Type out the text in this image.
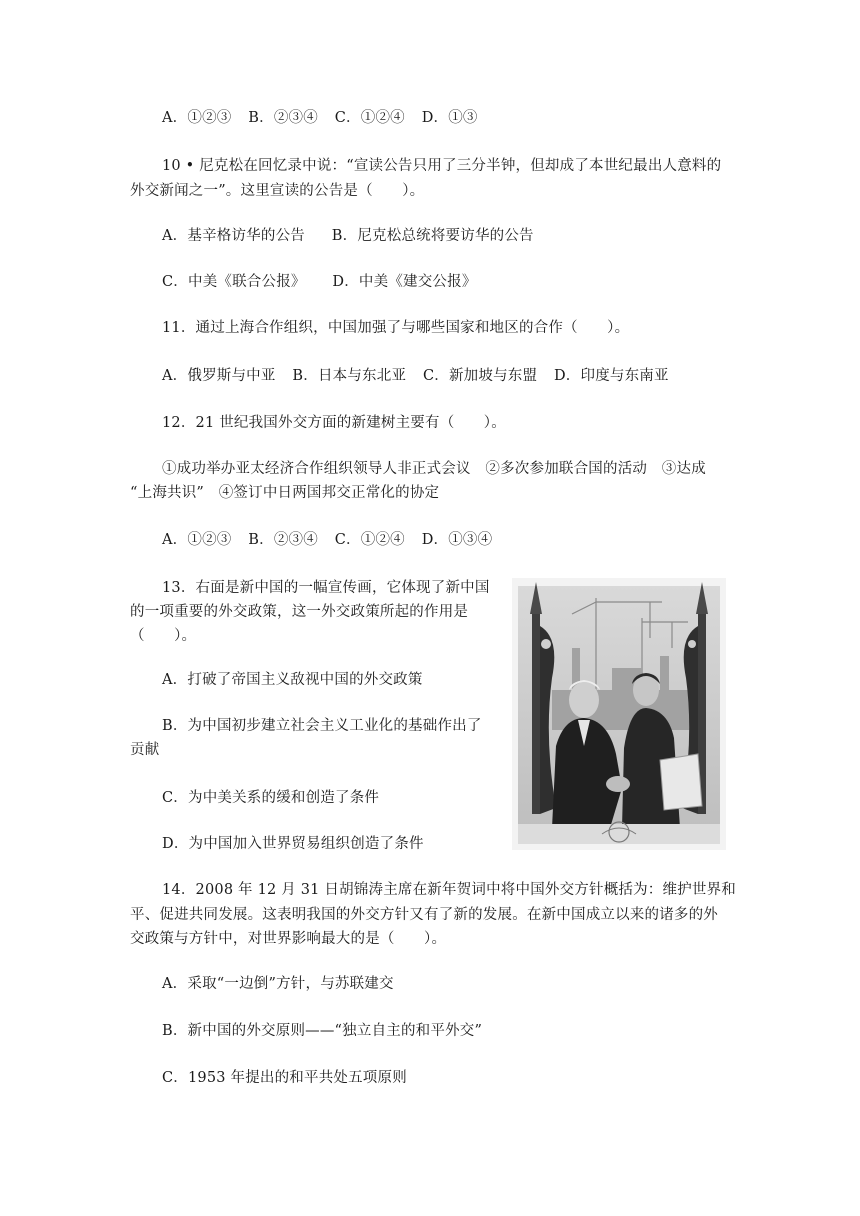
A．①②③ B．②③④ C．①②④ D．①③
10 • 尼克松在回忆录中说：“宣读公告只用了三分半钟，但却成了本世纪最出人意料的
外交新闻之一”。这里宣读的公告是（　　）。
A．基辛格访华的公告 B．尼克松总统将要访华的公告
C．中美《联合公报》 D．中美《建交公报》
11．通过上海合作组织，中国加强了与哪些国家和地区的合作（　　）。
A．俄罗斯与中亚 B．日本与东北亚 C．新加坡与东盟 D．印度与东南亚
12．21 世纪我国外交方面的新建树主要有（　　）。
①成功举办亚太经济合作组织领导人非正式会议　②多次参加联合国的活动　③达成
“上海共识”　④签订中日两国邦交正常化的协定
A．①②③ B．②③④ C．①②④ D．①③④
13．右面是新中国的一幅宣传画，它体现了新中国
的一项重要的外交政策，这一外交政策所起的作用是
（　　）。
A．打破了帝国主义敌视中国的外交政策
B．为中国初步建立社会主义工业化的基础作出了
贡献
C．为中美关系的缓和创造了条件
D．为中国加入世界贸易组织创造了条件
14．2008 年 12 月 31 日胡锦涛主席在新年贺词中将中国外交方针概括为：维护世界和
平、促进共同发展。这表明我国的外交方针又有了新的发展。在新中国成立以来的诸多的外
交政策与方针中，对世界影响最大的是（　　）。
A．采取“一边倒”方针，与苏联建交
B．新中国的外交原则——“独立自主的和平外交”
C．1953 年提出的和平共处五项原则
